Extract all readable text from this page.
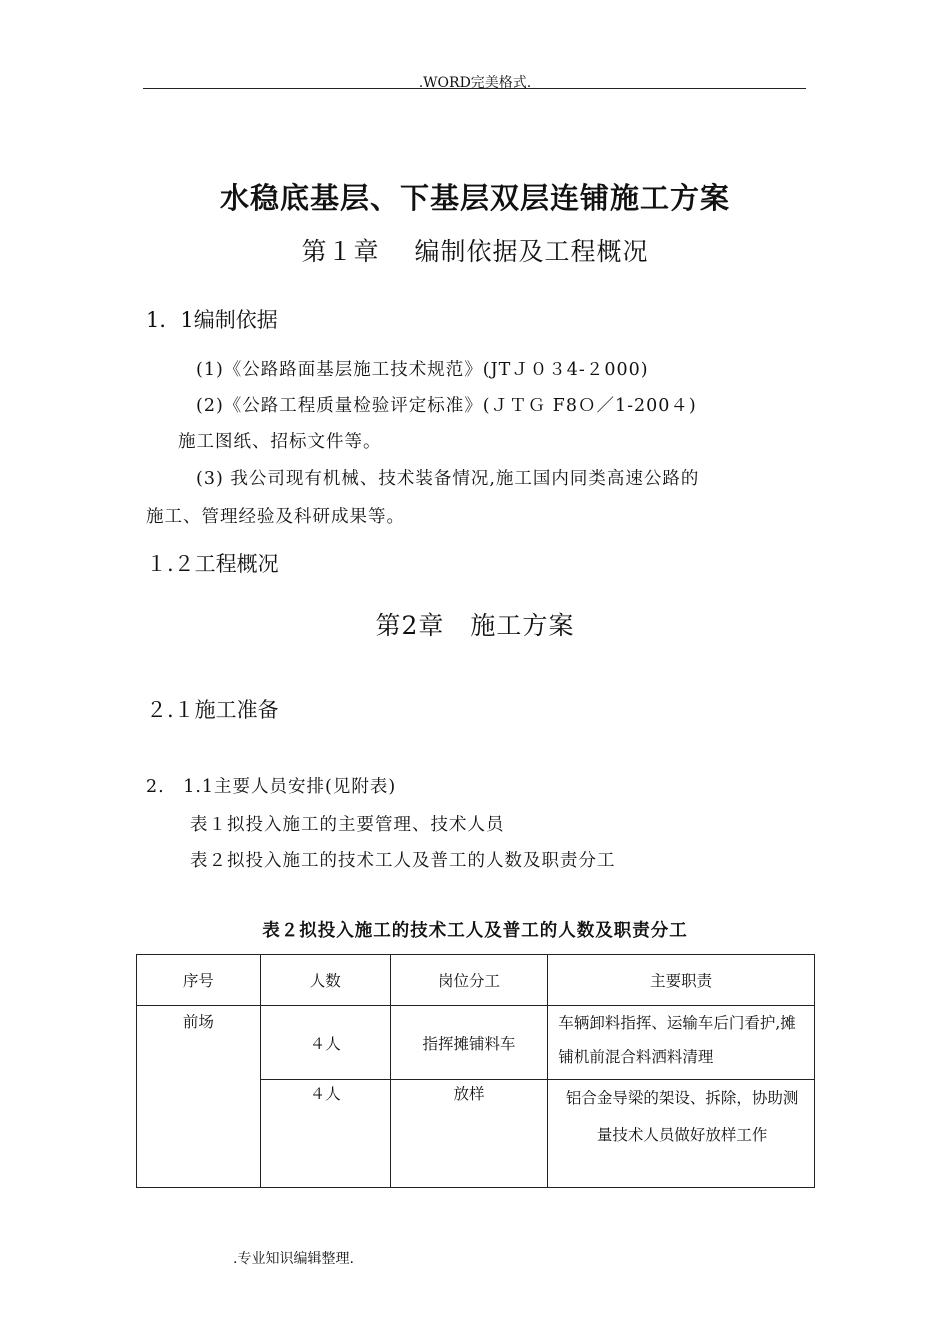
.WORD完美格式.
水稳底基层、下基层双层连铺施工方案
第１章　 编制依据及工程概况
1．1编制依据
(1)《公路路面基层施工技术规范》(JTＪ０３4-２000)
(2)《公路工程质量检验评定标准》(ＪＴＧ F8Ｏ／1-200４)
施工图纸、招标文件等。
(3) 我公司现有机械、技术装备情况,施工国内同类高速公路的
施工、管理经验及科研成果等。
１.２工程概况
第2章　施工方案
２.１施工准备
2.　1.1主要人员安排(见附表)
表１拟投入施工的主要管理、技术人员
表２拟投入施工的技术工人及普工的人数及职责分工
表２拟投入施工的技术工人及普工的人数及职责分工
序号	人数	岗位分工	主要职责
前场	４人	指挥摊铺料车	车辆卸料指挥、运输车后门看护,摊铺机前混合料洒料清理

	４人	放样	铝合金导梁的架设、拆除，协助测量技术人员做好放样工作
.专业知识编辑整理.
